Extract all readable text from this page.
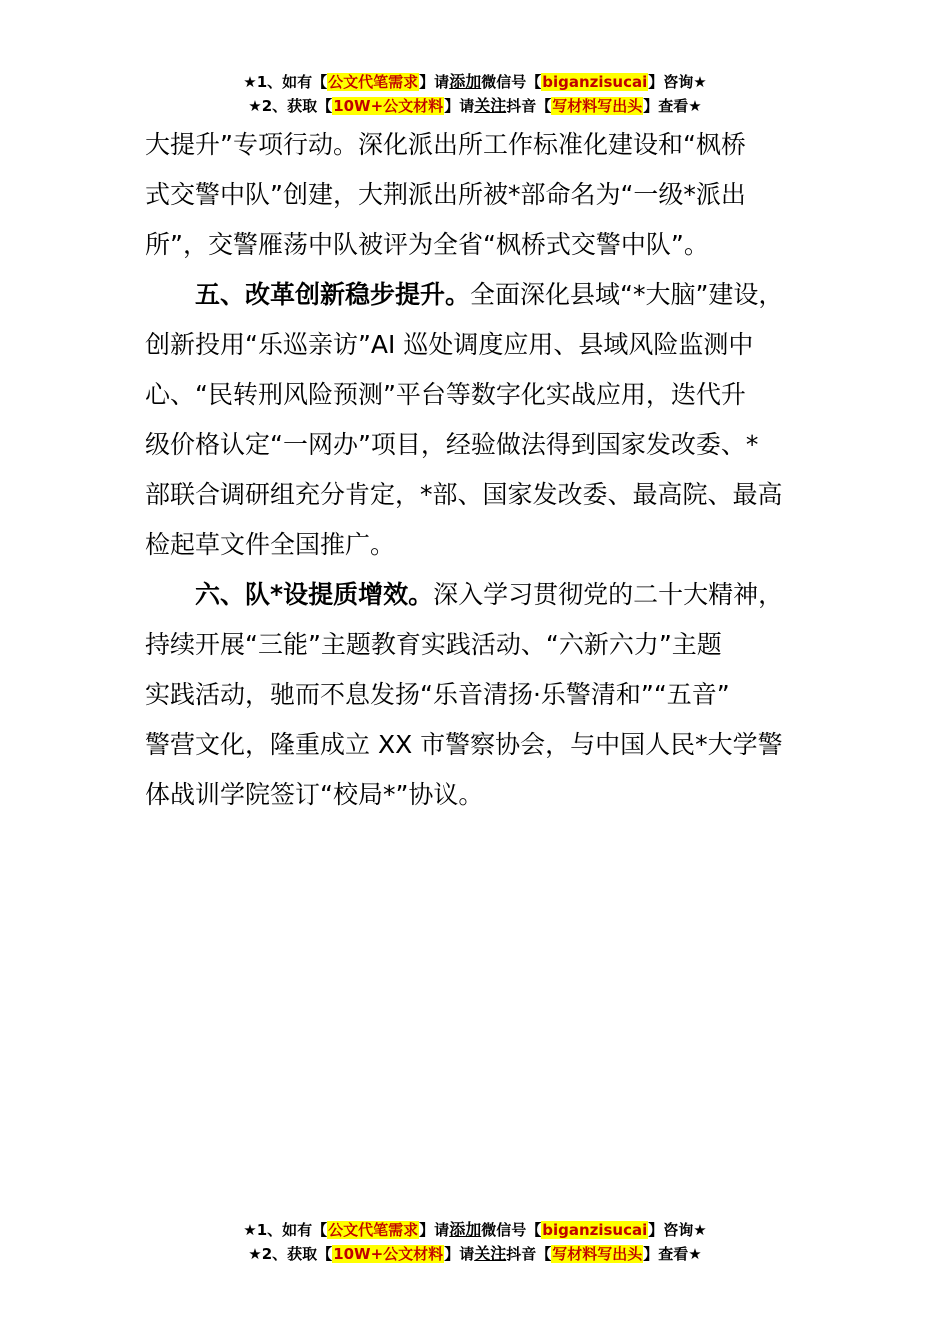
★1、如有【公文代笔需求】请添加微信号【biganzisucai】咨询★
★2、获取【10W+公文材料】请关注抖音【写材料写出头】查看★

大提升”专项行动。深化派出所工作标准化建设和“枫桥
式交警中队”创建，大荆派出所被*部命名为“一级*派出
所”，交警雁荡中队被评为全省“枫桥式交警中队”。

五、改革创新稳步提升。全面深化县域“*大脑”建设，
创新投用“乐巡亲访”AI 巡处调度应用、县域风险监测中
心、“民转刑风险预测”平台等数字化实战应用，迭代升
级价格认定“一网办”项目，经验做法得到国家发改委、*
部联合调研组充分肯定，*部、国家发改委、最高院、最高
检起草文件全国推广。

六、队*设提质增效。深入学习贯彻党的二十大精神，
持续开展“三能”主题教育实践活动、“六新六力”主题
实践活动，驰而不息发扬“乐音清扬·乐警清和”“五音”
警营文化，隆重成立 XX 市警察协会，与中国人民*大学警
体战训学院签订“校局*”协议。

★1、如有【公文代笔需求】请添加微信号【biganzisucai】咨询★
★2、获取【10W+公文材料】请关注抖音【写材料写出头】查看★
